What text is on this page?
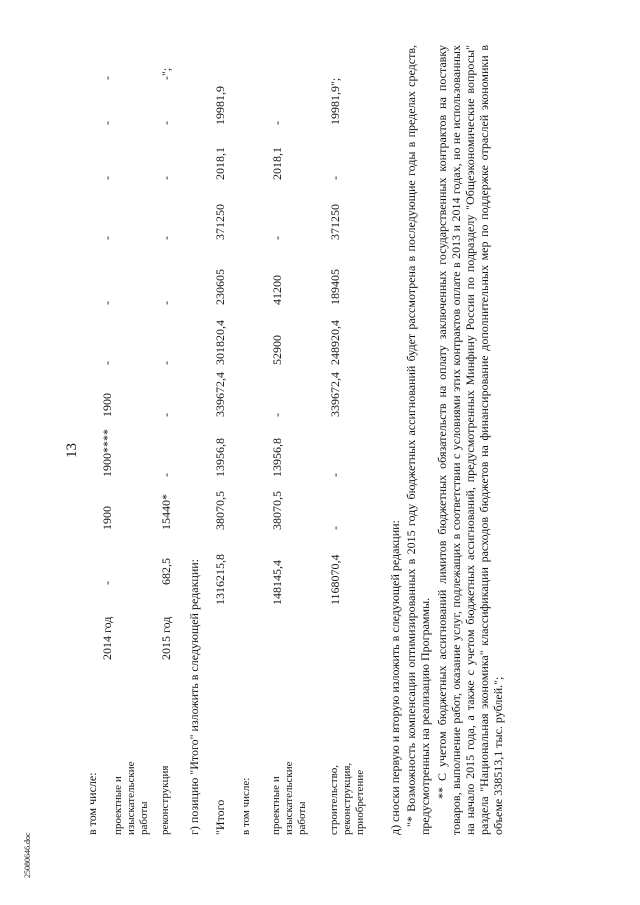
13
25080646.doc
в том числе: проектные и изыскательские работы
2014 год
-
1900
1900****
1900
-
-
-
-
-
-
реконструкция
2015 год
682,5
15440*
-
-
-
-
-
-
-
-";
г) позицию "Итого" изложить в следующей редакции: "Итого
1316215,8
38070,5
13956,8
339672,4
301820,4
230605
371250
2018,1
19981,9
в том числе: проектные и изыскательские работы
148145,4
38070,5
13956,8
-
52900
41200
-
2018,1
-
строительство, реконструкция, приобретение
1168070,4
-
-
339672,4
248920,4
189405
371250
-
19981,9";
д) сноски первую и вторую изложить в следующей редакции: "* Возможность компенсации оптимизированных в 2015 году бюджетных ассигнований будет рассмотрена в последующие годы в пределах средств, предусмотренных на реализацию Программы. ** С учетом бюджетных ассигнований лимитов бюджетных обязательств на оплату заключенных государственных контрактов на поставку товаров, выполнение работ, оказание услуг, подлежащих в соответствии с условиями этих контрактов оплате в 2013 и 2014 годах, но не использованных на начало 2015 года, а также с учетом бюджетных ассигнований, предусмотренных Минфину России по подразделу "Общеэкономические вопросы" раздела "Национальная экономика" классификации расходов бюджетов на финансирование дополнительных мер по поддержке отраслей экономики в объеме 338513,1 тыс. рублей.";
